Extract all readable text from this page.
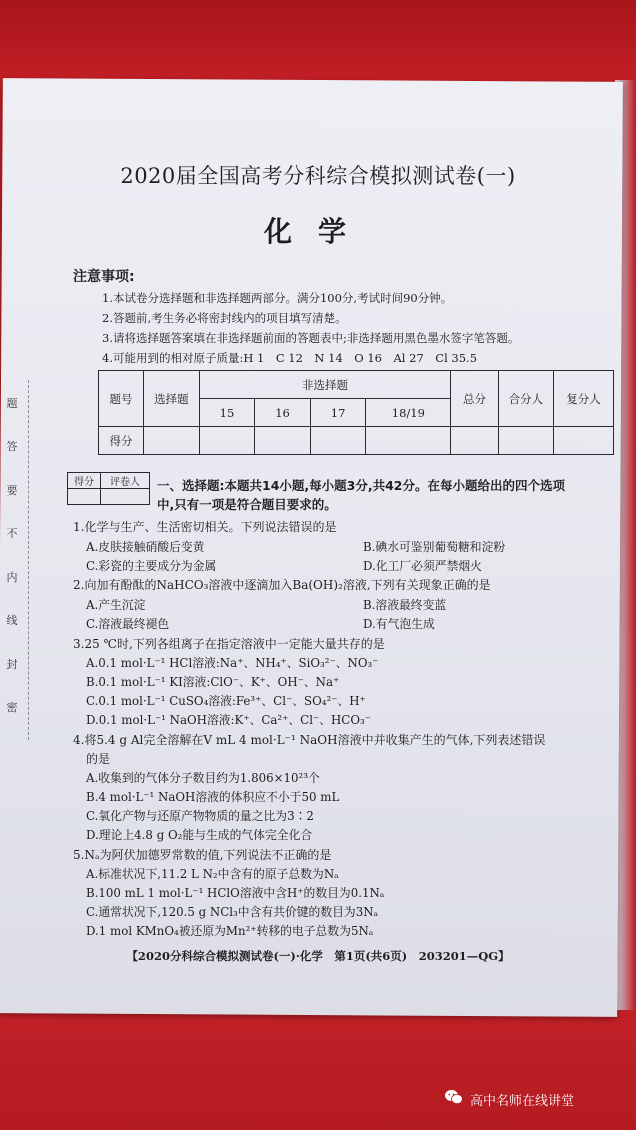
题
答
要
不
内
线
封
密
2020届全国高考分科综合模拟测试卷(一)
化学
注意事项:
1.本试卷分选择题和非选择题两部分。满分100分,考试时间90分钟。
2.答题前,考生务必将密封线内的项目填写清楚。
3.请将选择题答案填在非选择题前面的答题表中;非选择题用黑色墨水签字笔答题。
4.可能用到的相对原子质量:H 1　C 12　N 14　O 16　Al 27　Cl 35.5
题号	选择题	非选择题				总分	合分人	复分人
		15	16	17	18/19			
得分								
得分	评卷人
	一、选择题:本题共14小题,每小题3分,共42分。在每小题给出的四个选项
中,只有一项是符合题目要求的。
1.化学与生产、生活密切相关。下列说法错误的是
A.皮肤接触硝酸后变黄	B.碘水可鉴别葡萄糖和淀粉
C.彩瓷的主要成分为金属	D.化工厂必须严禁烟火
2.向加有酚酞的NaHCO₃溶液中逐滴加入Ba(OH)₂溶液,下列有关现象正确的是
A.产生沉淀	B.溶液最终变蓝
C.溶液最终褪色	D.有气泡生成
3.25 ℃时,下列各组离子在指定溶液中一定能大量共存的是
A.0.1 mol·L⁻¹ HCl溶液:Na⁺、NH₄⁺、SiO₃²⁻、NO₃⁻
B.0.1 mol·L⁻¹ KI溶液:ClO⁻、K⁺、OH⁻、Na⁺
C.0.1 mol·L⁻¹ CuSO₄溶液:Fe³⁺、Cl⁻、SO₄²⁻、H⁺
D.0.1 mol·L⁻¹ NaOH溶液:K⁺、Ca²⁺、Cl⁻、HCO₃⁻
4.将5.4 g Al完全溶解在V mL 4 mol·L⁻¹ NaOH溶液中并收集产生的气体,下列表述错误
的是
A.收集到的气体分子数目约为1.806×10²³个
B.4 mol·L⁻¹ NaOH溶液的体积应不小于50 mL
C.氧化产物与还原产物物质的量之比为3∶2
D.理论上4.8 g O₂能与生成的气体完全化合
5.Nₐ为阿伏加德罗常数的值,下列说法不正确的是
A.标准状况下,11.2 L N₂中含有的原子总数为Nₐ
B.100 mL 1 mol·L⁻¹ HClO溶液中含H⁺的数目为0.1Nₐ
C.通常状况下,120.5 g NCl₃中含有共价键的数目为3Nₐ
D.1 mol KMnO₄被还原为Mn²⁺转移的电子总数为5Nₐ
【2020分科综合模拟测试卷(一)·化学　第1页(共6页)　203201—QG】
高中名师在线讲堂
